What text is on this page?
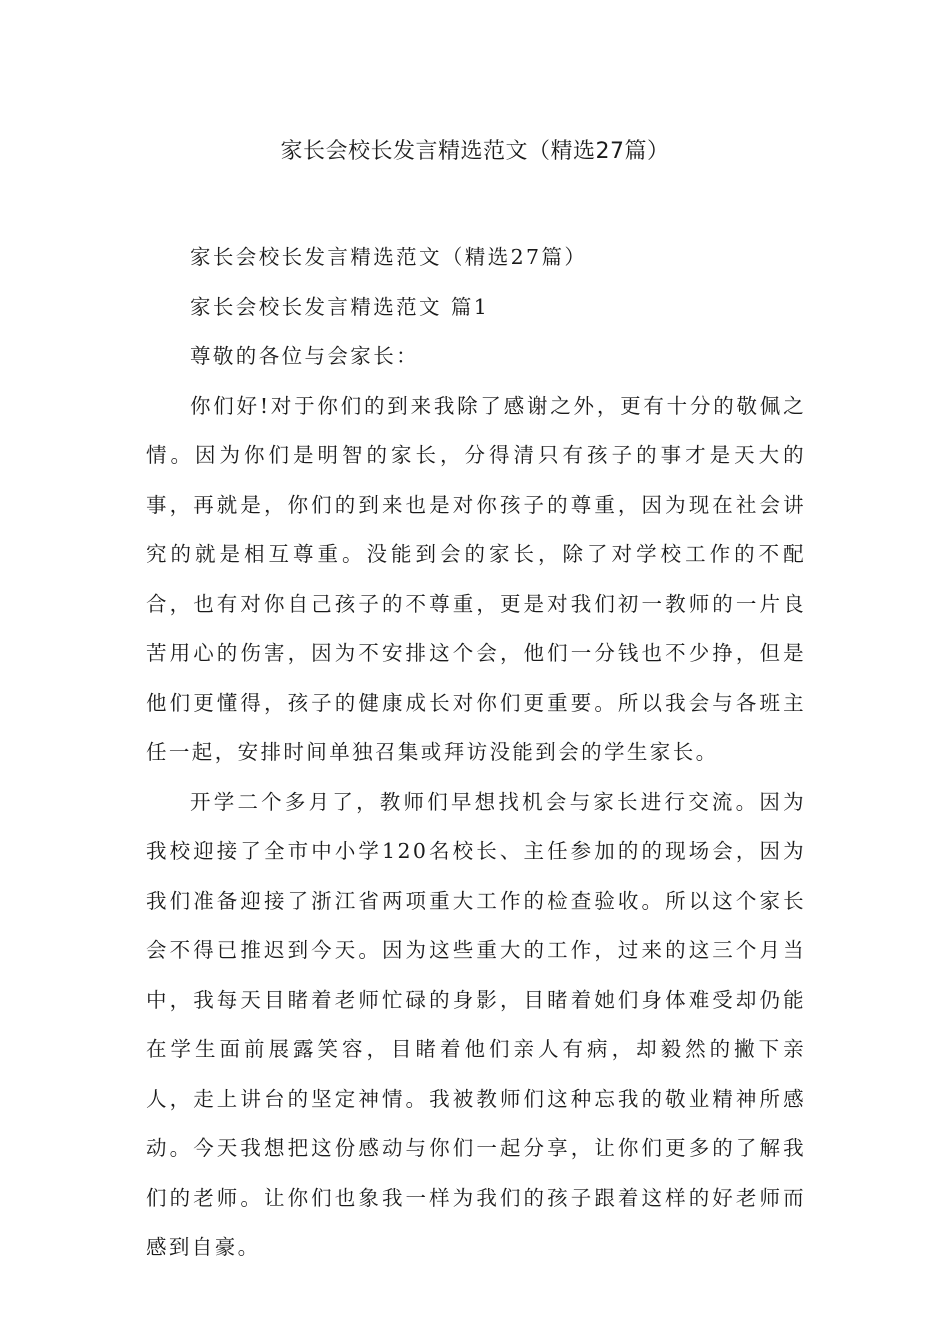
家长会校长发言精选范文（精选27篇）

家长会校长发言精选范文（精选27篇）

家长会校长发言精选范文 篇1

尊敬的各位与会家长：

你们好!对于你们的到来我除了感谢之外，更有十分的敬佩之情。因为你们是明智的家长，分得清只有孩子的事才是天大的事，再就是，你们的到来也是对你孩子的尊重，因为现在社会讲究的就是相互尊重。没能到会的家长，除了对学校工作的不配合，也有对你自己孩子的不尊重，更是对我们初一教师的一片良苦用心的伤害，因为不安排这个会，他们一分钱也不少挣，但是他们更懂得，孩子的健康成长对你们更重要。所以我会与各班主任一起，安排时间单独召集或拜访没能到会的学生家长。

开学二个多月了，教师们早想找机会与家长进行交流。因为我校迎接了全市中小学120名校长、主任参加的的现场会，因为我们准备迎接了浙江省两项重大工作的检查验收。所以这个家长会不得已推迟到今天。因为这些重大的工作，过来的这三个月当中，我每天目睹着老师忙碌的身影，目睹着她们身体难受却仍能在学生面前展露笑容，目睹着他们亲人有病，却毅然的撇下亲人，走上讲台的坚定神情。我被教师们这种忘我的敬业精神所感动。今天我想把这份感动与你们一起分享，让你们更多的了解我们的老师。让你们也象我一样为我们的孩子跟着这样的好老师而感到自豪。
